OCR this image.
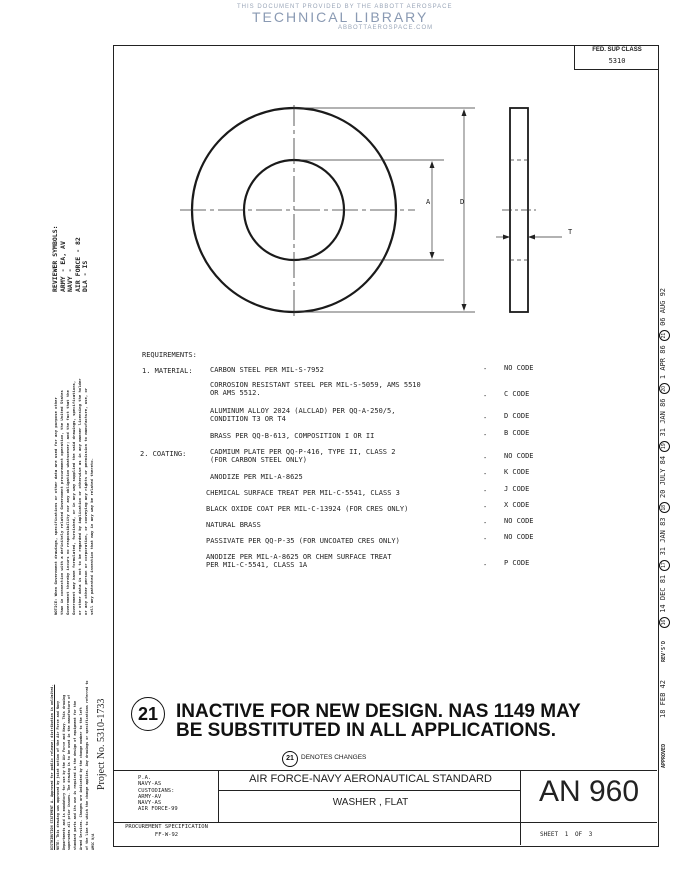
THIS DOCUMENT PROVIDED BY THE ABBOTT AEROSPACE
TECHNICAL LIBRARY
ABBOTTAEROSPACE.COM
FED. SUP CLASS
5310
A	D
T
REVIEWER SYMBOLS: ARMY - EA, AV NAVY - AIR FORCE - 82 DLA - IS
NOTICE: When Government drawings, specifications or other data are used for any purpose other than in connection with a definitely related Government procurement operation, the United States Government thereby incurs no responsibility nor any obligation whatsoever; and the fact that the Government may have formulated, furnished, or in any way supplied the said drawings, specifications, or other data is not to be regarded by implication or otherwise as in any manner licensing the holder or any other person or corporation, or conveying any rights or permission to manufacture, use, or sell any patented invention that may in any way be related thereto.
DISTRIBUTION STATEMENT A. Approved for public release; distribution is unlimited. NOTE: This drawing was approved by joint action of the Air Force and Navy Departments and is mandatory for use by the Air Force and Navy. This drawing supersedes all prior issues. The drawing is to be used in the manufacture of standard parts and its use is required in the design of equipment for the Armed Services. Changes are indicated by the change number to the left of the line to which the change applies. Any drawings or specifications referred to AMSC N/A
Project No. 5310-1733	APPROVED
18 FEB 42
REV'S'D
16 14 DEC 81 17 31 JAN 83 18 20 JULY 84 19 31 JAN 86 20 1 APR 86 21 06 AUG 92
REQUIREMENTS:
1. MATERIAL:
2. COATING:
CARBON STEEL PER MIL-S-7952	- NO CODE
CORROSION RESISTANT STEEL PER MIL-S-5059, AMS 5510
OR AMS 5512.	- C CODE
ALUMINUM ALLOY 2024 (ALCLAD) PER QQ-A-250/5,
CONDITION T3 OR T4	- D CODE
BRASS PER QQ-B-613, COMPOSITION I OR II	- B CODE
CADMIUM PLATE PER QQ-P-416, TYPE II, CLASS 2
(FOR CARBON STEEL ONLY)	- NO CODE
ANODIZE PER MIL-A-8625	- K CODE
CHEMICAL SURFACE TREAT PER MIL-C-5541, CLASS 3	- J CODE
BLACK OXIDE COAT PER MIL-C-13924 (FOR CRES ONLY)	- X CODE
NATURAL BRASS	- NO CODE
PASSIVATE PER QQ-P-35 (FOR UNCOATED CRES ONLY)	- NO CODE
ANODIZE PER MIL-A-8625 OR CHEM SURFACE TREAT
PER MIL-C-5541, CLASS 1A	- P CODE
21 INACTIVE FOR NEW DESIGN. NAS 1149 MAY
BE SUBSTITUTED IN ALL APPLICATIONS.
21	DENOTES CHANGES
P.A.
NAVY-AS
CUSTODIANS:
ARMY-AV
NAVY-AS
AIR FORCE-99
AIR FORCE-NAVY AERONAUTICAL STANDARD
WASHER , FLAT	AN 960
PROCUREMENT SPECIFICATION
FF-W-92	SHEET 1 OF 3
